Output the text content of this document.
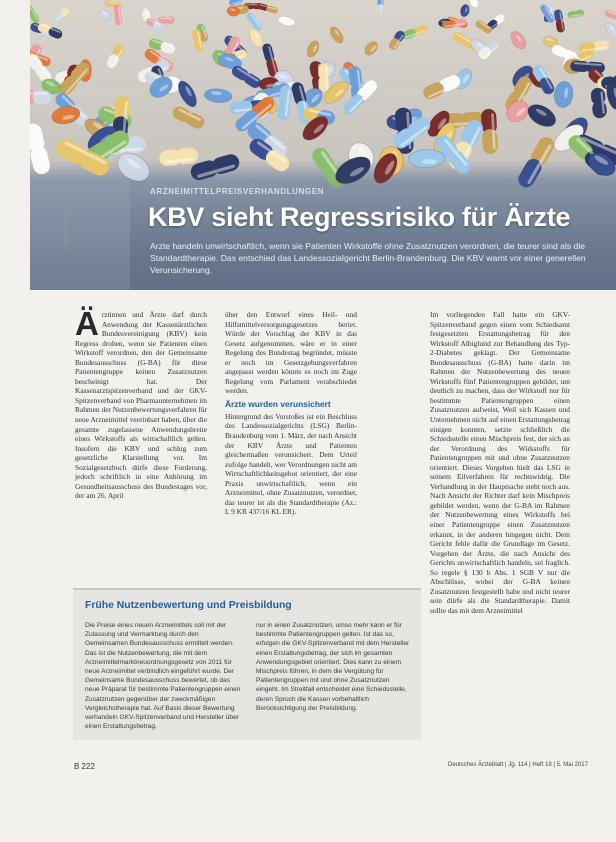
Foto: iStockphoto
ARZNEIMITTELPREISVERHANDLUNGEN
KBV sieht Regressrisiko für Ärzte
Arzte handeln unwirtschaftlich, wenn sie Patienten Wirkstoffe ohne Zusatznutzen verordnen, die teurer sind als die Standardtherapie. Das entschied das Landessozialgericht Berlin-Brandenburg. Die KBV warnt vor einer generellen Verunsicherung.
Ä rztinnen und Ärzte darf durch Anwendung der Kassenärztlichen Bundesvereinigung (KBV) kein Regress drohen, wenn sie Patienten einen Wirkstoff verordnen, den der Gemeinsame Bundesausschuss (G-BA) für diese Patientengruppe keinen Zusatznutzen bescheinigt hat. Der Kassenarztspitzenverband und der GKV-Spitzenverband von Pharmaunternehmen im Rahmen der Nutzenbewertungsverfahren für neue Arzneimittel vereinbart haben, über die gesamte zugelassene Anwendungsbreite eines Wirkstoffs als wirtschaftlich gelten. Insofern die KBV und schlug zum gesetzliche Klarstellung vor. Im Sozialgesetzbuch dürfe diese Forderung, jedoch schriftlich in eine Anhörung im Gesundheitsausschuss des Bundestages vor, der am 26. April

über den Entwurf eines Heil- und Hilfsmittelversorgungsgesetzes beriet. Würde der Vorschlag der KBV in das Gesetz aufgenommen, wäre er in einer Regelung des Bundestag begründet, müsste er noch im Gesetzgebungsverfahren angepasst werden könnte es noch im Zuge Regelung vom Parlament verabschiedet werden.

Ärzte wurden verunsichert

Hintergrund des Vorstoßes ist ein Beschluss des Landessozialgerichts (LSG) Berlin-Brandenburg vom 1. März, der nach Ansicht der KBV Ärzte und Patienten gleichermaßen verunsichert. Dem Urteil zufolge handelt, wer Verordnungen nicht am Wirtschaftlichkeitsgebot orientiert, der eine Praxis unwirtschaftlich, wenn ein Arzneimittel, ohne Zusatznutzen, verordnet, das teurer ist als die Standardtherapie (Az.: L 9 KR 437/16 KL ER).

Im vorliegenden Fall hatte ein GKV-Spitzenverband gegen einen vom Schiedsamt festgesetzten Erstattungsbetrag für den Wirkstoff Albiglutid zur Behandlung des Typ-2-Diabetes geklagt. Der Gemeinsame Bundesausschuss (G-BA) hatte darin im Rahmen der Nutzenbewertung des neuen Wirkstoffs fünf Patientengruppen gebildet, um deutlich zu machen, dass der Wirkstoff nur für bestimmte Patientengruppen einen Zusatznutzen aufweist, Weil sich Kassen und Unternehmen nicht auf einen Erstattungsbetrag einigen konnten, setzte schließlich die Schiedsstelle einen Mischpreis fest, der sich an der Verordnung des Wirkstoffs für Patientengruppen mit und ohne Zusatznutzen orientiert. Dieses Vorgehen hielt das LSG in seinem Eilverfahren für rechtswidrig. Die Verhandlung in der Hauptsache steht noch aus. Nach Ansicht der Richter darf kein Mischpreis gebildet werden, wenn der G-BA im Rahmen der Nutzenbewertung eines Wirkstoffs bei einer Patientengruppe einen Zusatznutzen erkannt, in der anderen hingegen nicht. Dem Gericht fehle dafür die Grundlage im Gesetz. Vorgehen der Ärzte, die nach Ansicht des Gerichts unwirtschaftlich handeln, sei fraglich. So regele § 130 b Abs. 1 SGB V nur die Abschlüsse, wobei der G-BA keinen Zusatznutzen festgestellt habe und nicht teurer sein dürfe als die Standardtherapie. Damit sollte das mit dem Arzneimittel

Frühe Nutzenbewertung und Preisbildung

Die Preise eines neuen Arzneimittels soll mit der Zulassung und Vermarktung durch den Gemeinsamen Bundesausschuss ermittelt werden. Das ist die Nutzenbewertung, die mit dem Arzneimittelmarktneuordnungsgesetz von 2011 für neue Arzneimittel verbindlich eingeführt wurde. Der Gemeinsame Bundesausschuss bewertet, ob das neue Präparat für bestimmte Patientengruppen einen Zusatznutzen gegenüber der zweckmäßigen Vergleichstherapie hat. Auf Basis dieser Bewertung verhandeln GKV-Spitzenverband und Hersteller über einen Erstattungsbetrag.

nur in einen Zusatznutzen, umso mehr kann er für bestimmte Patientengruppen gelten. Ist das so, erfolgen die GKV-Spitzenverband mit dem Hersteller einen Erstattungsbetrag, der sich im gesamten Anwendungsgebiet orientiert. Dies kann zu einem Mischpreis führen, in dem die Vergütung für Patientengruppen mit und ohne Zusatznutzen eingeht. Im Streitfall entscheidet eine Schiedsstelle, deren Spruch die Kassen vorbehaltlich Berücksichtigung der Preisbildung.

B 222	Deutsches Ärzteblatt | Jg. 114 | Heft 18 | 5. Mai 2017
